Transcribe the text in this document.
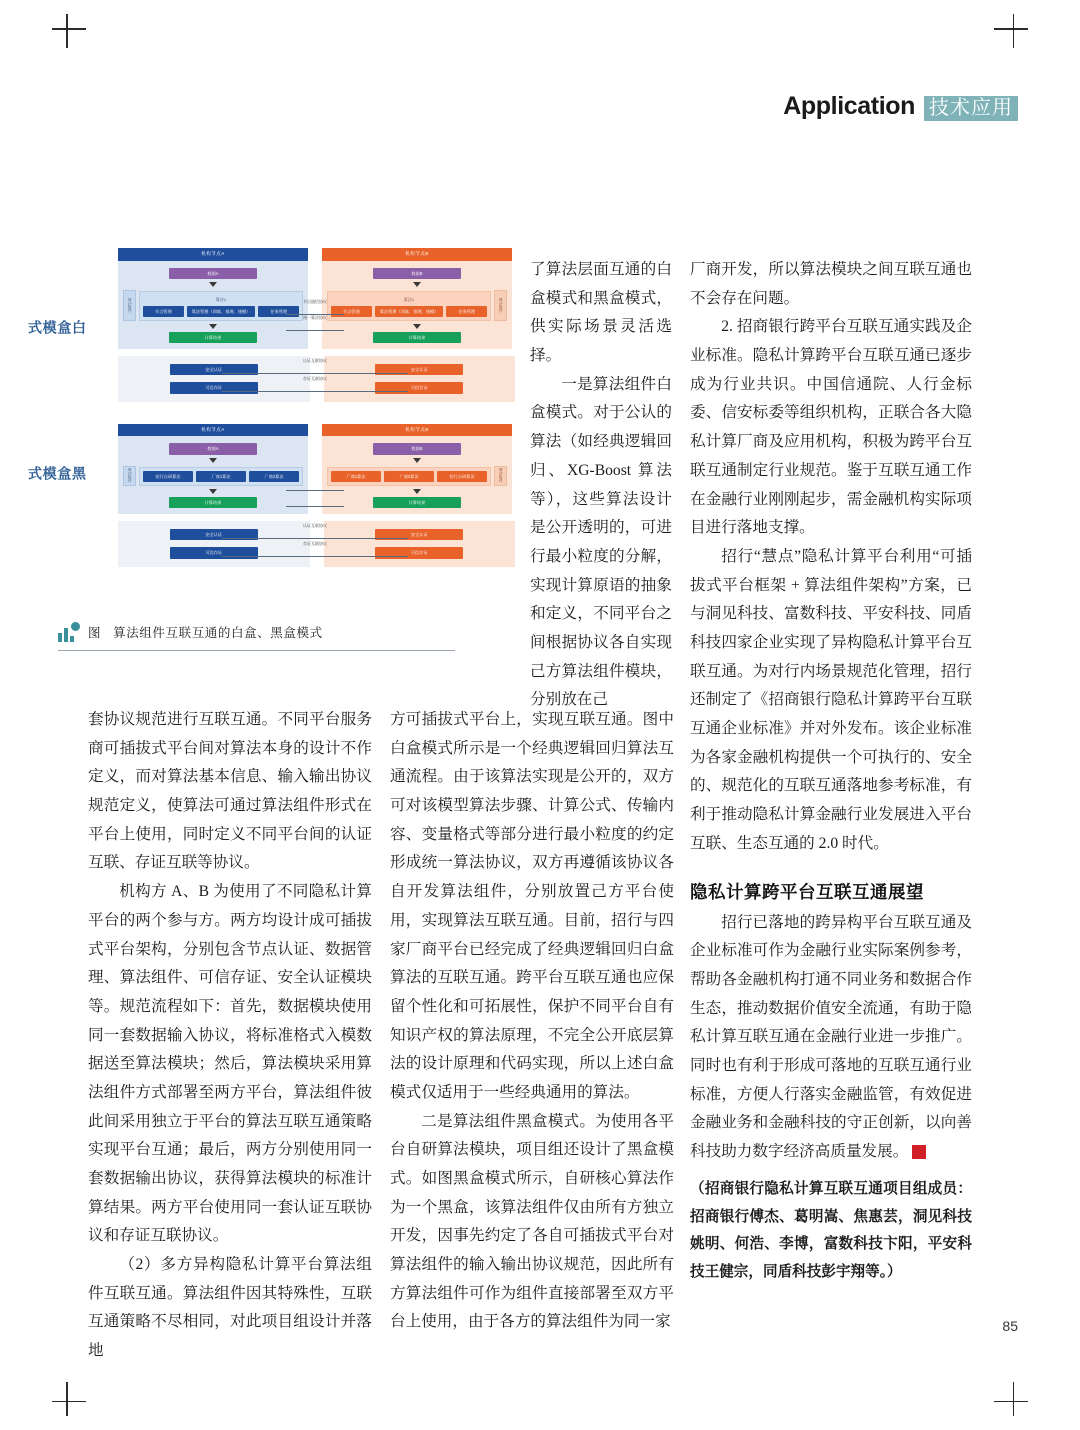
Application 技术应用
白盒模式
黑盒模式
机构节点A
数据A
算法组件	算法1
节点管理	算法管理（训练、推理、建模）	任务管理
计算结果
机构节点B
数据B
算法1
节点管理	算法管理（训练、推理、建模）	任务管理	算法组件
计算结果
节点通信协议
统一算法协议
安全认证
可信存证
安全认证
可信存证
认证互联协议
存证互联协议
机构节点A
数据A
算法组件	招行自研算法	厂商1算法	厂商2算法
计算结果
机构节点B
数据B
厂商1算法	厂商2算法	招行自研算法	算法组件
计算结果
安全认证
可信存证
安全认证
可信存证
认证互联协议
存证互联协议
图 算法组件互联互通的白盒、黑盒模式

套协议规范进行互联互通。不同平台服务商可插拔式平台间对算法本身的设计不作定义，而对算法基本信息、输入输出协议规范定义，使算法可通过算法组件形式在平台上使用，同时定义不同平台间的认证互联、存证互联等协议。

机构方 A、B 为使用了不同隐私计算平台的两个参与方。两方均设计成可插拔式平台架构，分别包含节点认证、数据管理、算法组件、可信存证、安全认证模块等。规范流程如下：首先，数据模块使用同一套数据输入协议，将标准格式入模数据送至算法模块；然后，算法模块采用算法组件方式部署至两方平台，算法组件彼此间采用独立于平台的算法互联互通策略实现平台互通；最后，两方分别使用同一套数据输出协议，获得算法模块的标准计算结果。两方平台使用同一套认证互联协议和存证互联协议。

（2）多方异构隐私计算平台算法组件互联互通。算法组件因其特殊性，互联互通策略不尽相同，对此项目组设计并落地

了算法层面互通的白盒模式和黑盒模式，供实际场景灵活选择。

一是算法组件白盒模式。对于公认的算法（如经典逻辑回归、XG-Boost 算法等），这些算法设计是公开透明的，可进行最小粒度的分解，实现计算原语的抽象和定义，不同平台之间根据协议各自实现己方算法组件模块，分别放在己

方可插拔式平台上，实现互联互通。图中白盒模式所示是一个经典逻辑回归算法互通流程。由于该算法实现是公开的，双方可对该模型算法步骤、计算公式、传输内容、变量格式等部分进行最小粒度的约定形成统一算法协议，双方再遵循该协议各自开发算法组件，分别放置己方平台使用，实现算法互联互通。目前，招行与四家厂商平台已经完成了经典逻辑回归白盒算法的互联互通。跨平台互联互通也应保留个性化和可拓展性，保护不同平台自有知识产权的算法原理，不完全公开底层算法的设计原理和代码实现，所以上述白盒模式仅适用于一些经典通用的算法。

二是算法组件黑盒模式。为使用各平台自研算法模块，项目组还设计了黑盒模式。如图黑盒模式所示，自研核心算法作为一个黑盒，该算法组件仅由所有方独立开发，因事先约定了各自可插拔式平台对算法组件的输入输出协议规范，因此所有方算法组件可作为组件直接部署至双方平台上使用，由于各方的算法组件为同一家

厂商开发，所以算法模块之间互联互通也不会存在问题。

2. 招商银行跨平台互联互通实践及企业标准。隐私计算跨平台互联互通已逐步成为行业共识。中国信通院、人行金标委、信安标委等组织机构，正联合各大隐私计算厂商及应用机构，积极为跨平台互联互通制定行业规范。鉴于互联互通工作在金融行业刚刚起步，需金融机构实际项目进行落地支撑。

招行“慧点”隐私计算平台利用“可插拔式平台框架 + 算法组件架构”方案，已与洞见科技、富数科技、平安科技、同盾科技四家企业实现了异构隐私计算平台互联互通。为对行内场景规范化管理，招行还制定了《招商银行隐私计算跨平台互联互通企业标准》并对外发布。该企业标准为各家金融机构提供一个可执行的、安全的、规范化的互联互通落地参考标准，有利于推动隐私计算金融行业发展进入平台互联、生态互通的 2.0 时代。

隐私计算跨平台互联互通展望

招行已落地的跨异构平台互联互通及企业标准可作为金融行业实际案例参考，帮助各金融机构打通不同业务和数据合作生态，推动数据价值安全流通，有助于隐私计算互联互通在金融行业进一步推广。同时也有利于形成可落地的互联互通行业标准，方便人行落实金融监管，有效促进金融业务和金融科技的守正创新，以向善科技助力数字经济高质量发展。	介

（招商银行隐私计算互联互通项目组成员：招商银行傅杰、葛明嵩、焦惠芸，洞见科技姚明、何浩、李博，富数科技卞阳，平安科技王健宗，同盾科技彭宇翔等。）
85
